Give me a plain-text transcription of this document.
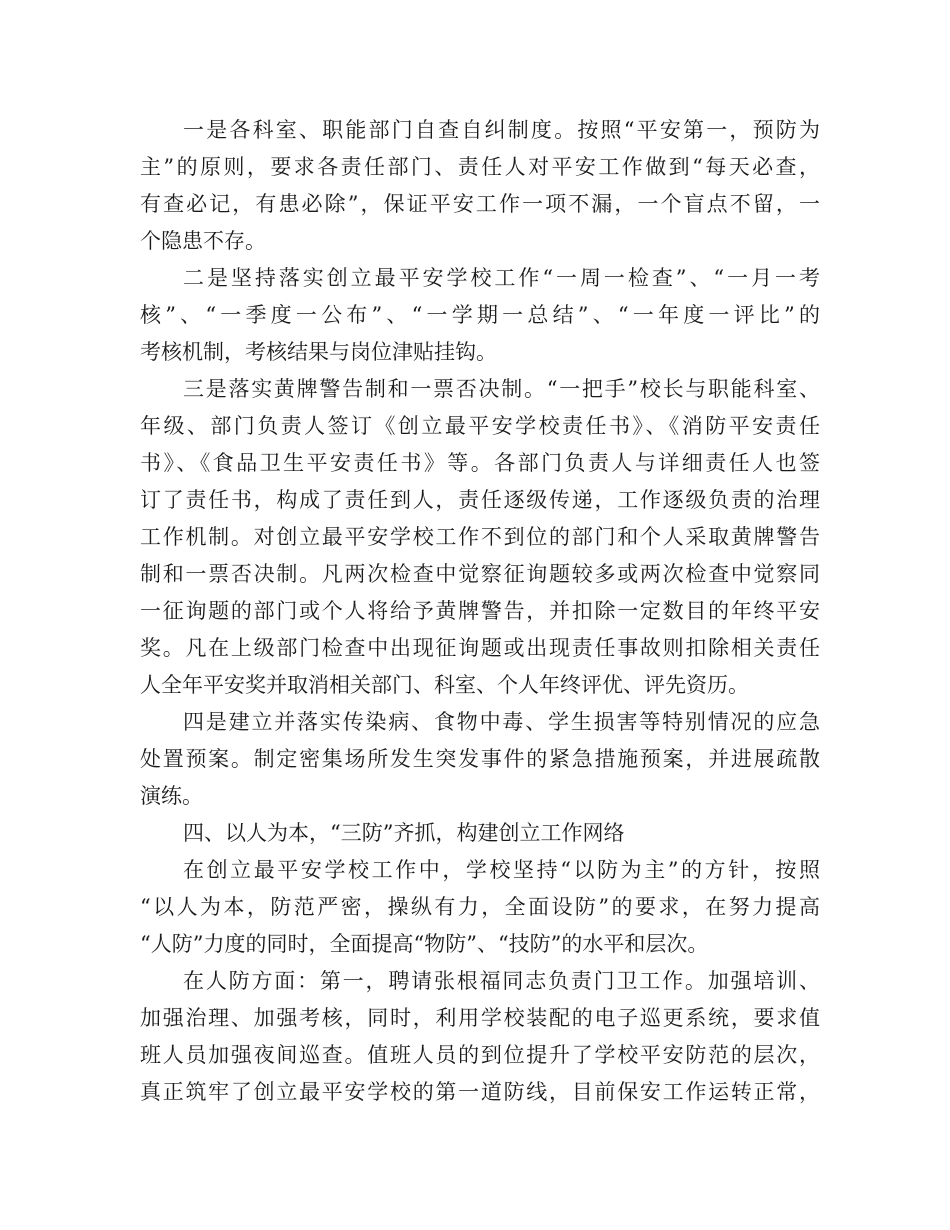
一是各科室、职能部门自查自纠制度。按照“平安第一，预防为
主”的原则，要求各责任部门、责任人对平安工作做到“每天必查，
有查必记，有患必除”，保证平安工作一项不漏，一个盲点不留，一
个隐患不存。
二是坚持落实创立最平安学校工作“一周一检查”、“一月一考
核”、“一季度一公布”、“一学期一总结”、“一年度一评比”的
考核机制，考核结果与岗位津贴挂钩。
三是落实黄牌警告制和一票否决制。“一把手”校长与职能科室、
年级、部门负责人签订《创立最平安学校责任书》、《消防平安责任
书》、《食品卫生平安责任书》等。各部门负责人与详细责任人也签
订了责任书，构成了责任到人，责任逐级传递，工作逐级负责的治理
工作机制。对创立最平安学校工作不到位的部门和个人采取黄牌警告
制和一票否决制。凡两次检查中觉察征询题较多或两次检查中觉察同
一征询题的部门或个人将给予黄牌警告，并扣除一定数目的年终平安
奖。凡在上级部门检查中出现征询题或出现责任事故则扣除相关责任
人全年平安奖并取消相关部门、科室、个人年终评优、评先资历。
四是建立并落实传染病、食物中毒、学生损害等特别情况的应急
处置预案。制定密集场所发生突发事件的紧急措施预案，并进展疏散
演练。
四、以人为本，“三防”齐抓，构建创立工作网络
在创立最平安学校工作中，学校坚持“以防为主”的方针，按照
“以人为本，防范严密，操纵有力，全面设防”的要求，在努力提高
“人防”力度的同时，全面提高“物防”、“技防”的水平和层次。
在人防方面：第一，聘请张根福同志负责门卫工作。加强培训、
加强治理、加强考核，同时，利用学校装配的电子巡更系统，要求值
班人员加强夜间巡查。值班人员的到位提升了学校平安防范的层次，
真正筑牢了创立最平安学校的第一道防线，目前保安工作运转正常，
